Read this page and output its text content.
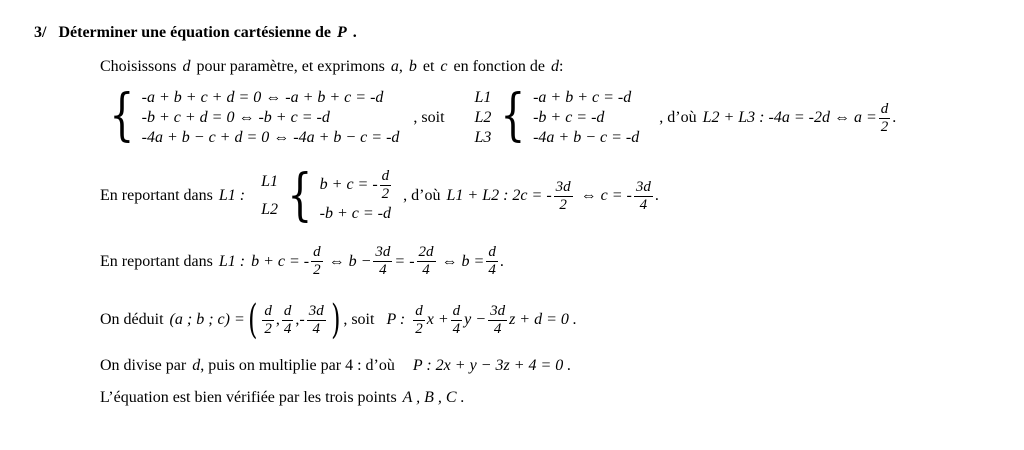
3/ Déterminer une équation cartésienne de P .
Choisissons d pour paramètre, et exprimons a , b et c en fonction de d :
{ -a + b + c + d = 0 ⇔ -a + b + c = -d
-b + c + d = 0 ⇔ -b + c = -d
-4a + b − c + d = 0 ⇔ -4a + b − c = -d
, soit
L1
L2
L3 { -a + b + c = -d
-b + c = -d
-4a + b − c = -d
, d’où L2 + L3 : -4a = -2d ⇔ $a = \frac{d}{2}$ .
En reportant dans L1 :
L1
L2 { b + c = - $\frac{d}{2}$
-b + c = -d
, d’où L1 + L2 : 2c = - $\frac{3d}{2}$ ⇔ c = - $\frac{3d}{4}$ .
En reportant dans L1 : b + c = - $\frac{d}{2}$ ⇔ $b - \frac{3d}{4}$ = - $\frac{2d}{4}$ ⇔ $b = \frac{d}{4}$ .
On déduit (a ; b ; c) = ( $\frac{d}{2}$ , $\frac{d}{4}$ , - $\frac{3d}{4}$ ) , soit P : $\frac{d}{2}$ $x + \frac{d}{4}$ $y - \frac{3d}{4}$ z + d = 0 .
On divise par d , puis on multiplie par 4 : d’où P : 2x + y − 3z + 4 = 0 .
L’équation est bien vérifiée par les trois points A , B , C .
